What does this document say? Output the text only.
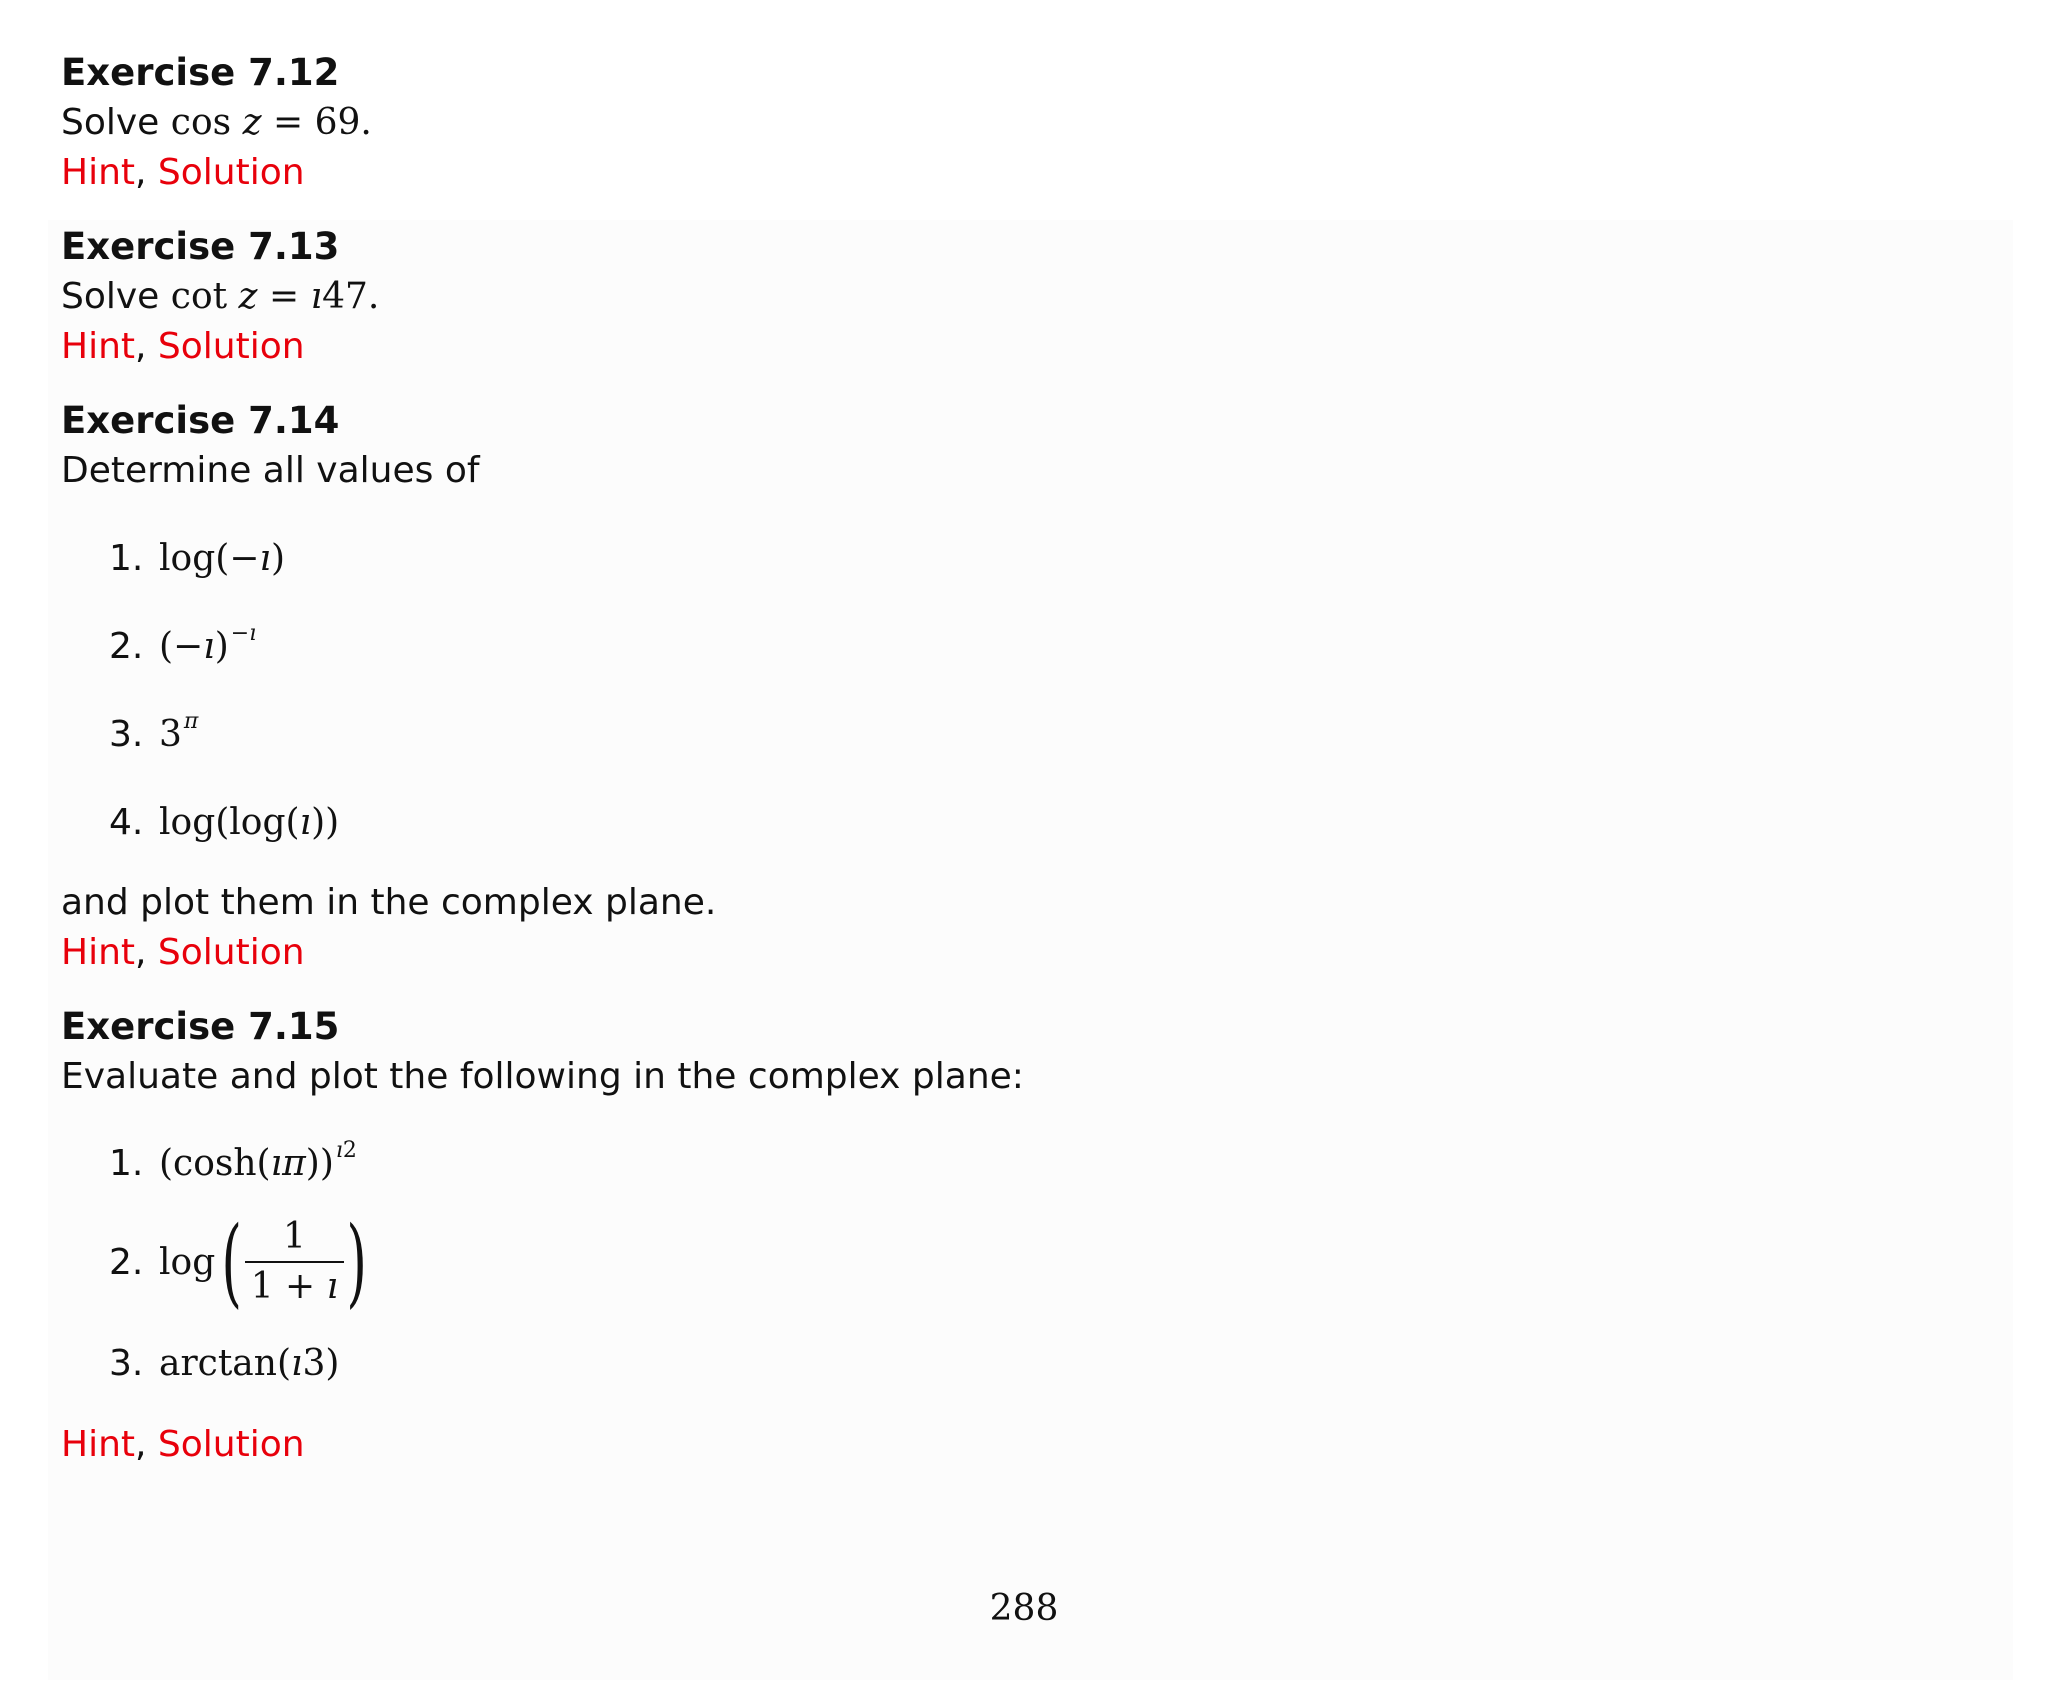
Exercise 7.12

Solve cos z = 69.

Hint, Solution

Exercise 7.13

Solve cot z = ı47.

Hint, Solution

Exercise 7.14

Determine all values of

1. log(−ı)
2. (−ı)$^{-ı}$
3. $3^\pi$
4. log(log(ı))

and plot them in the complex plane.

Hint, Solution

Exercise 7.15

Evaluate and plot the following in the complex plane:

1. (cosh(ıπ))$^{ı2}$
2. log ( $\frac{1}{1 + ı}$ )
3. arctan(ı3)

Hint, Solution

288
